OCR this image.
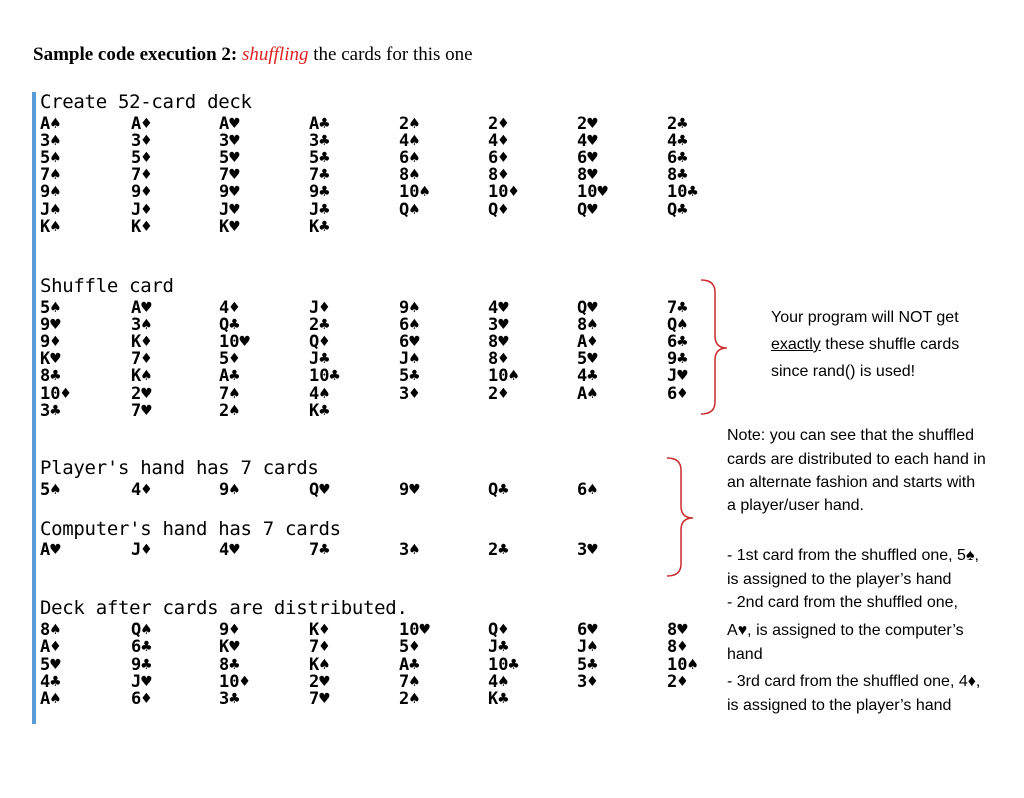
Sample code execution 2: shuffling the cards for this one
Create 52-card deck
A♠	A♦	A♥	A♣	2♠	2♦	2♥	2♣
3♠	3♦	3♥	3♣	4♠	4♦	4♥	4♣
5♠	5♦	5♥	5♣	6♠	6♦	6♥	6♣
7♠	7♦	7♥	7♣	8♠	8♦	8♥	8♣
9♠	9♦	9♥	9♣	10♠	10♦	10♥	10♣
J♠	J♦	J♥	J♣	Q♠	Q♦	Q♥	Q♣
K♠	K♦	K♥	K♣
Shuffle card
5♠	A♥	4♦	J♦	9♠	4♥	Q♥	7♣
9♥	3♠	Q♣	2♣	6♠	3♥	8♠	Q♠
9♦	K♦	10♥	Q♦	6♥	8♥	A♦	6♣
K♥	7♦	5♦	J♣	J♠	8♦	5♥	9♣
8♣	K♠	A♣	10♣	5♣	10♠	4♣	J♥
10♦	2♥	7♠	4♠	3♦	2♦	A♠	6♦
3♣	7♥	2♠	K♣
Player's hand has 7 cards
5♠	4♦	9♠	Q♥	9♥	Q♣	6♠
Computer's hand has 7 cards
A♥	J♦	4♥	7♣	3♠	2♣	3♥
Deck after cards are distributed.
8♠	Q♠	9♦	K♦	10♥	Q♦	6♥	8♥
A♦	6♣	K♥	7♦	5♦	J♣	J♠	8♦
5♥	9♣	8♣	K♠	A♣	10♣	5♣	10♠
4♣	J♥	10♦	2♥	7♠	4♠	3♦	2♦
A♠	6♦	3♣	7♥	2♠	K♣
Your program will NOT get
exactly these shuffle cards
since rand() is used!
Note: you can see that the shuffled
cards are distributed to each hand in
an alternate fashion and starts with
a player/user hand.
- 1st card from the shuffled one, 5♠,
is assigned to the player’s hand
- 2nd card from the shuffled one,
A♥, is assigned to the computer’s
hand
- 3rd card from the shuffled one, 4♦,
is assigned to the player’s hand
